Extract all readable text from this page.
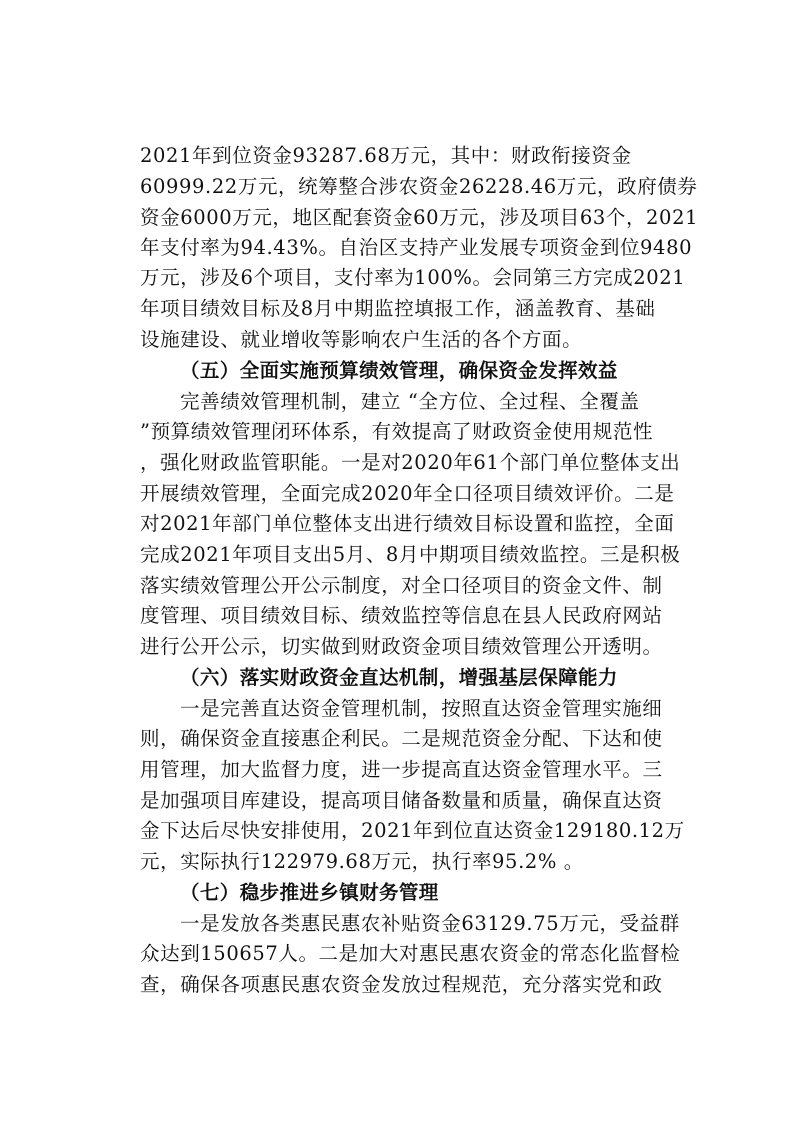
2021年到位资金93287.68万元，其中：财政衔接资金
60999.22万元，统筹整合涉农资金26228.46万元，政府债券
资金6000万元，地区配套资金60万元，涉及项目63个，2021
年支付率为94.43%。自治区支持产业发展专项资金到位9480
万元，涉及6个项目，支付率为100%。会同第三方完成2021
年项目绩效目标及8月中期监控填报工作，涵盖教育、基础
设施建设、就业增收等影响农户生活的各个方面。
（五）全面实施预算绩效管理，确保资金发挥效益
完善绩效管理机制，建立 “全方位、全过程、全覆盖
”预算绩效管理闭环体系，有效提高了财政资金使用规范性
，强化财政监管职能。一是对2020年61个部门单位整体支出
开展绩效管理，全面完成2020年全口径项目绩效评价。二是
对2021年部门单位整体支出进行绩效目标设置和监控，全面
完成2021年项目支出5月、8月中期项目绩效监控。三是积极
落实绩效管理公开公示制度，对全口径项目的资金文件、制
度管理、项目绩效目标、绩效监控等信息在县人民政府网站
进行公开公示，切实做到财政资金项目绩效管理公开透明。
（六）落实财政资金直达机制，增强基层保障能力
一是完善直达资金管理机制，按照直达资金管理实施细
则，确保资金直接惠企利民。二是规范资金分配、下达和使
用管理，加大监督力度，进一步提高直达资金管理水平。三
是加强项目库建设，提高项目储备数量和质量，确保直达资
金下达后尽快安排使用，2021年到位直达资金129180.12万
元，实际执行122979.68万元，执行率95.2% 。
（七）稳步推进乡镇财务管理
一是发放各类惠民惠农补贴资金63129.75万元，受益群
众达到150657人。二是加大对惠民惠农资金的常态化监督检
查，确保各项惠民惠农资金发放过程规范，充分落实党和政
